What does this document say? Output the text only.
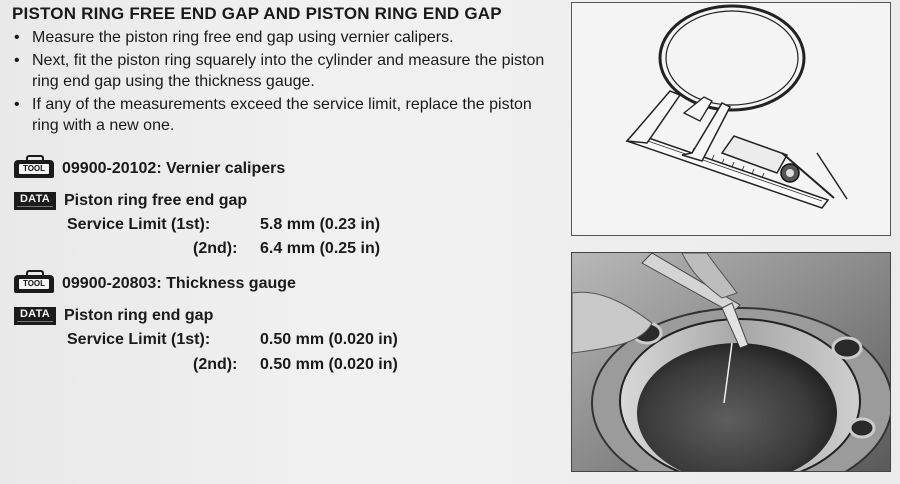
PISTON RING FREE END GAP AND PISTON RING END GAP
• Measure the piston ring free end gap using vernier calipers.
• Next, fit the piston ring squarely into the cylinder and measure the piston ring end gap using the thickness gauge.
• If any of the measurements exceed the service limit, replace the piston ring with a new one.
TOOL 09900-20102: Vernier calipers
DATA Piston ring free end gap
Service Limit (1st):	5.8 mm (0.23 in)
(2nd): 6.4 mm (0.25 in)
TOOL 09900-20803: Thickness gauge
DATA Piston ring end gap
Service Limit (1st):	0.50 mm (0.020 in)
(2nd): 0.50 mm (0.020 in)
